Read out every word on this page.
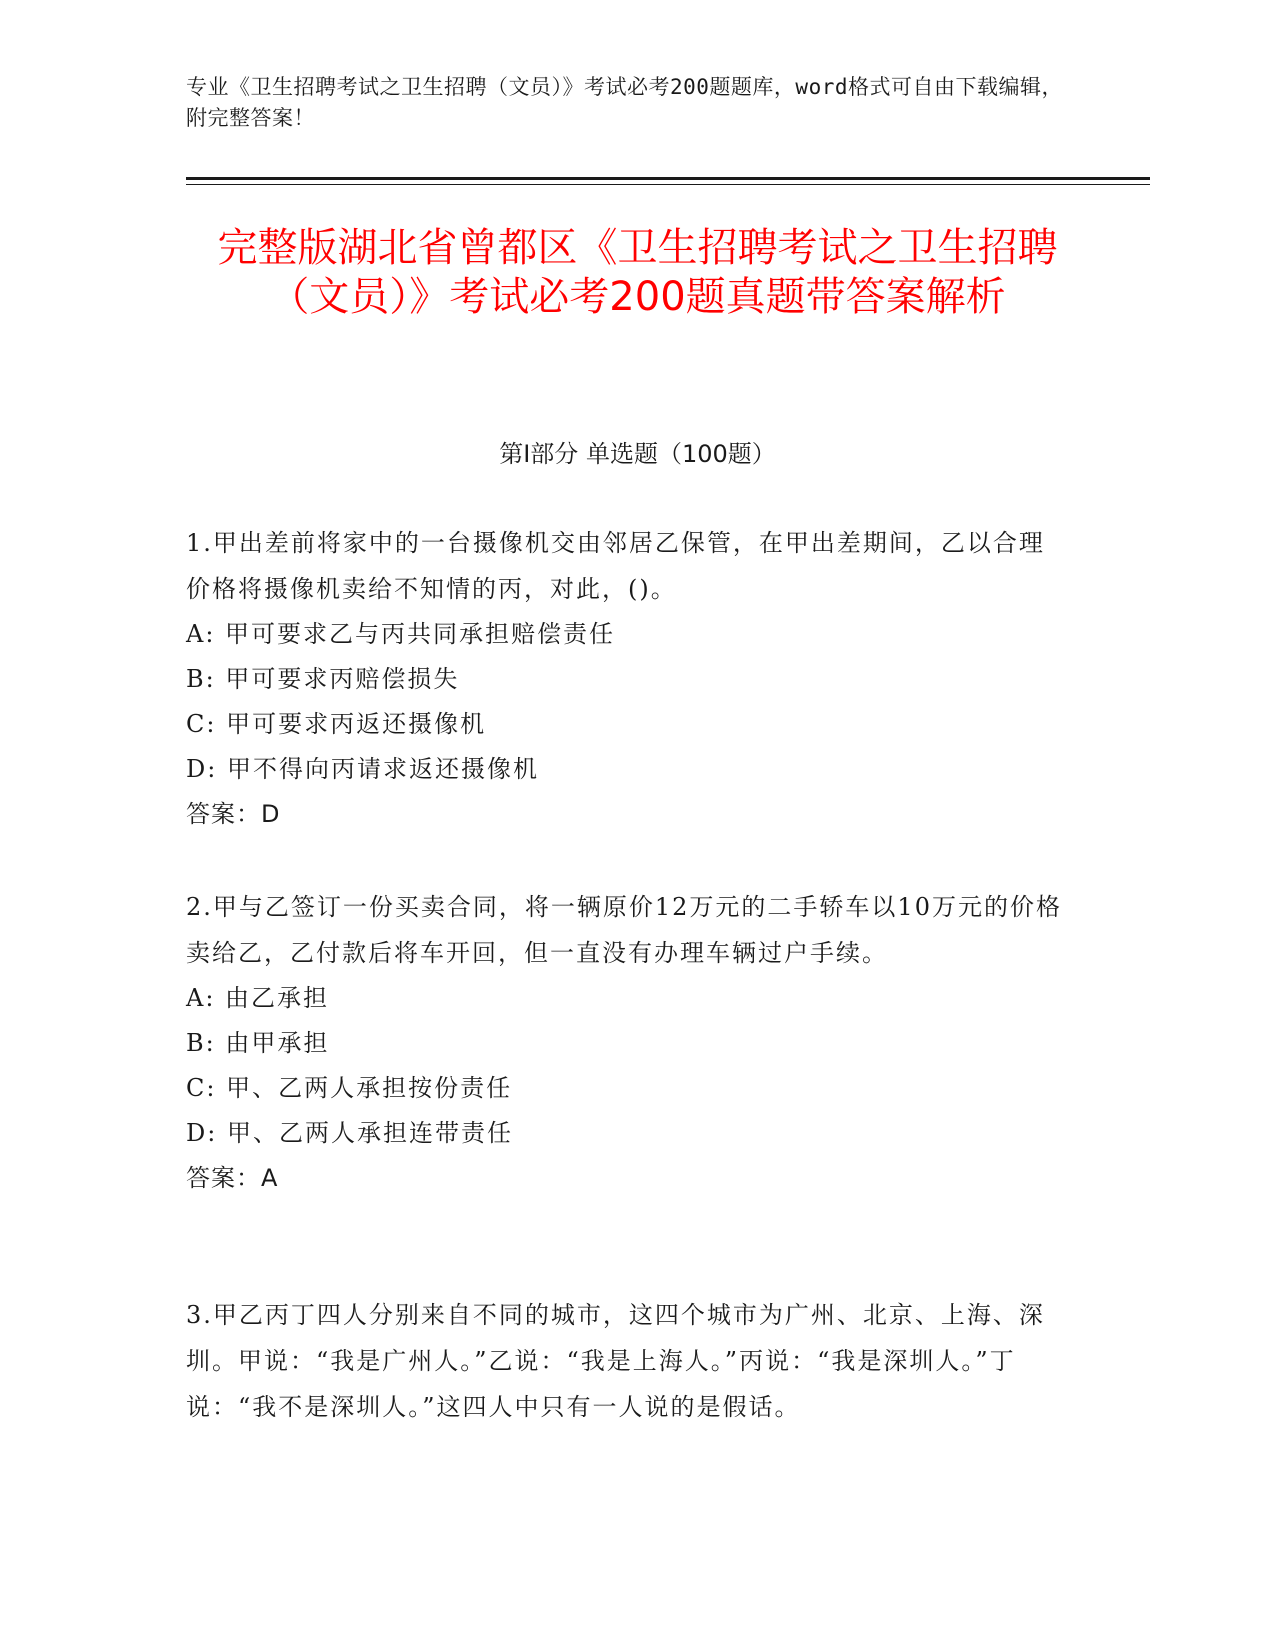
专业《卫生招聘考试之卫生招聘（文员）》考试必考200题题库，word格式可自由下载编辑，附完整答案！
完整版湖北省曾都区《卫生招聘考试之卫生招聘（文员）》考试必考200题真题带答案解析
第Ⅰ部分 单选题（100题）

1.甲出差前将家中的一台摄像机交由邻居乙保管，在甲出差期间，乙以合理价格将摄像机卖给不知情的丙，对此，()。

A: 甲可要求乙与丙共同承担赔偿责任

B: 甲可要求丙赔偿损失

C: 甲可要求丙返还摄像机

D: 甲不得向丙请求返还摄像机

答案：D

2.甲与乙签订一份买卖合同，将一辆原价12万元的二手轿车以10万元的价格卖给乙，乙付款后将车开回，但一直没有办理车辆过户手续。

A: 由乙承担

B: 由甲承担

C: 甲、乙两人承担按份责任

D: 甲、乙两人承担连带责任

答案：A

3.甲乙丙丁四人分别来自不同的城市，这四个城市为广州、北京、上海、深圳。甲说：“我是广州人。”乙说：“我是上海人。”丙说：“我是深圳人。”丁说：“我不是深圳人。”这四人中只有一人说的是假话。
